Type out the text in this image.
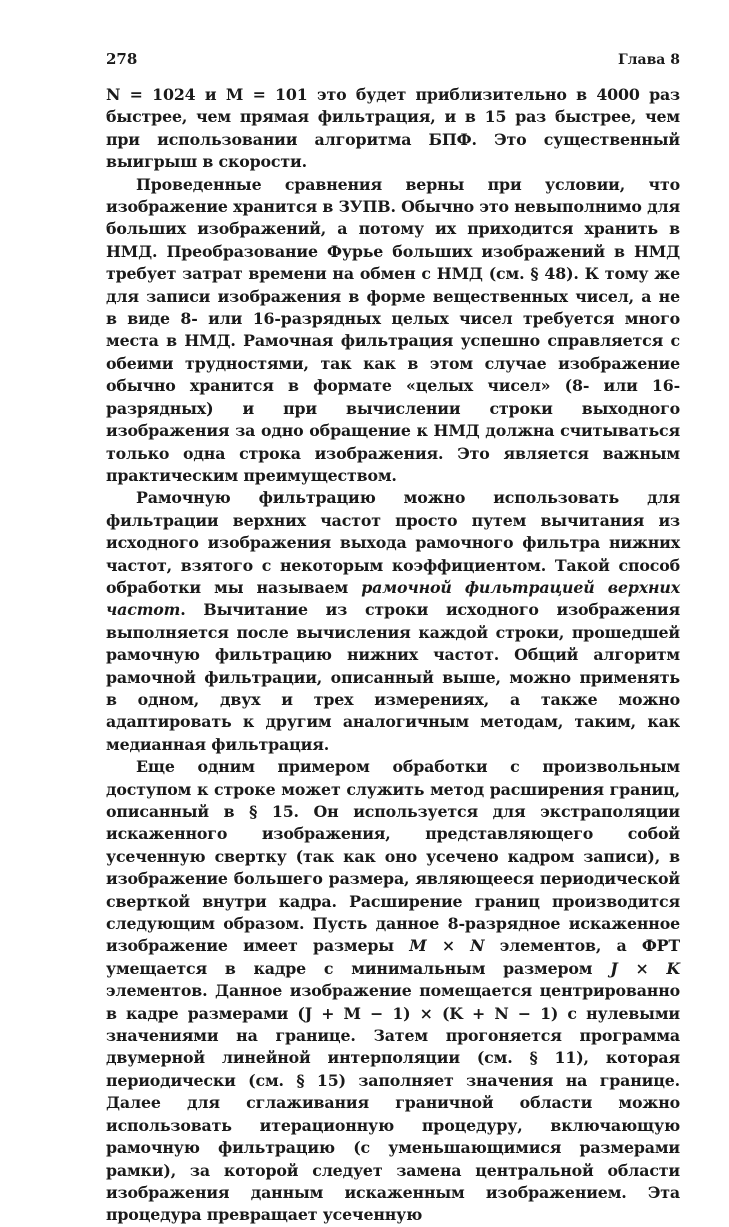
278	Глава 8

N = 1024 и M = 101 это будет приблизительно в 4000 раз быстрее, чем прямая фильтрация, и в 15 раз быстрее, чем при использовании алгоритма БПФ. Это существенный выигрыш в скорости.

Проведенные сравнения верны при условии, что изображение хранится в ЗУПВ. Обычно это невыполнимо для больших изображений, а потому их приходится хранить в НМД. Преобразование Фурье больших изображений в НМД требует затрат времени на обмен с НМД (см. § 48). К тому же для записи изображения в форме вещественных чисел, а не в виде 8- или 16-разрядных целых чисел требуется много места в НМД. Рамочная фильтрация успешно справляется с обеими трудностями, так как в этом случае изображение обычно хранится в формате «целых чисел» (8- или 16-разрядных) и при вычислении строки выходного изображения за одно обращение к НМД должна считываться только одна строка изображения. Это является важным практическим преимуществом.

Рамочную фильтрацию можно использовать для фильтрации верхних частот просто путем вычитания из исходного изображения выхода рамочного фильтра нижних частот, взятого с некоторым коэффициентом. Такой способ обработки мы называем рамочной фильтрацией верхних частот. Вычитание из строки исходного изображения выполняется после вычисления каждой строки, прошедшей рамочную фильтрацию нижних частот. Общий алгоритм рамочной фильтрации, описанный выше, можно применять в одном, двух и трех измерениях, а также можно адаптировать к другим аналогичным методам, таким, как медианная фильтрация.

Еще одним примером обработки с произвольным доступом к строке может служить метод расширения границ, описанный в § 15. Он используется для экстраполяции искаженного изображения, представляющего собой усеченную свертку (так как оно усечено кадром записи), в изображение большего размера, являющееся периодической сверткой внутри кадра. Расширение границ производится следующим образом. Пусть данное 8-разрядное искаженное изображение имеет размеры M × N элементов, а ФРТ умещается в кадре с минимальным размером J × K элементов. Данное изображение помещается центрированно в кадре размерами (J + M − 1) × (K + N − 1) с нулевыми значениями на границе. Затем прогоняется программа двумерной линейной интерполяции (см. § 11), которая периодически (см. § 15) заполняет значения на границе. Далее для сглаживания граничной области можно использовать итерационную процедуру, включающую рамочную фильтрацию (с уменьшающимися размерами рамки), за которой следует замена центральной области изображения данным искаженным изображением. Эта процедура превращает усеченную
